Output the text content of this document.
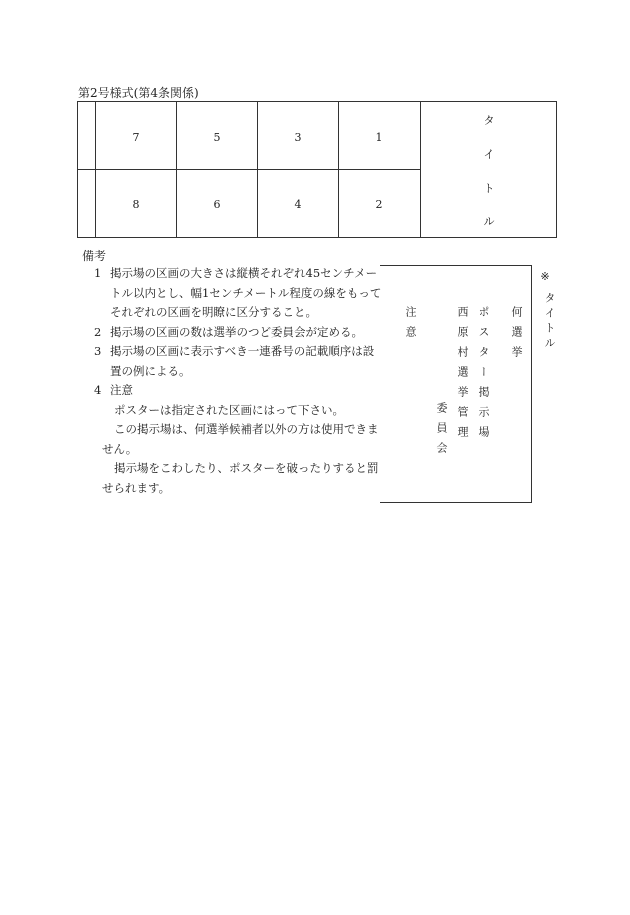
第2号様式(第4条関係)
7	5	3	1
8	6	4	2
タ
イ
ト
ル
備考

1 掲示場の区画の大きさは縦横それぞれ45センチメートル以内とし、幅1センチメートル程度の線をもってそれぞれの区画を明瞭に区分すること。

2 掲示場の区画の数は選挙のつど委員会が定める。

3 掲示場の区画に表示すべき一連番号の記載順序は設置の例による。

4 注意

ポスターは指定された区画にはって下さい。

この掲示場は、何選挙候補者以外の方は使用できません。

掲示場をこわしたり、ポスターを破ったりすると罰せられます。

何選挙
ポスター掲示場
西原村選挙管理
委員会
注意
※
タイトル
